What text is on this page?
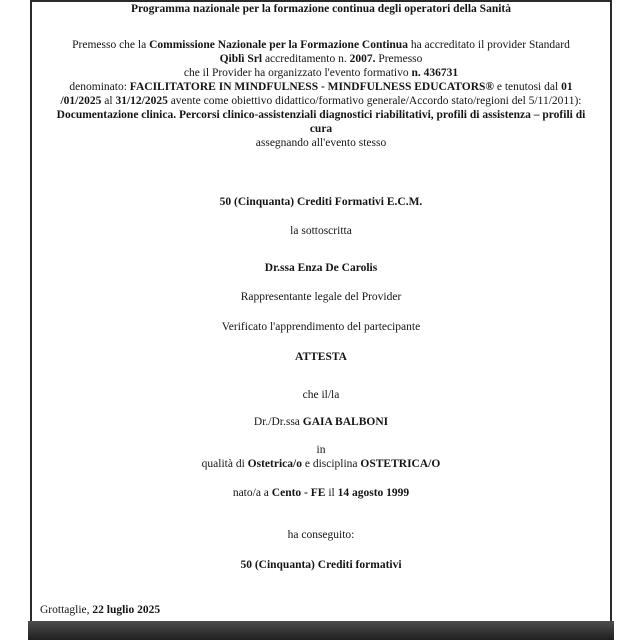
Programma nazionale per la formazione continua degli operatori della Sanità
Premesso che la Commissione Nazionale per la Formazione Continua ha accreditato il provider Standard
Qiblì Srl accreditamento n. 2007. Premesso
che il Provider ha organizzato l'evento formativo n. 436731
denominato: FACILITATORE IN MINDFULNESS - MINDFULNESS EDUCATORS® e tenutosi dal 01
/01/2025 al 31/12/2025 avente come obiettivo didattico/formativo generale/Accordo stato/regioni del 5/11/2011):
Documentazione clinica. Percorsi clinico-assistenziali diagnostici riabilitativi, profili di assistenza – profili di
cura
assegnando all'evento stesso
50 (Cinquanta) Crediti Formativi E.C.M.
la sottoscritta
Dr.ssa Enza De Carolis
Rappresentante legale del Provider
Verificato l'apprendimento del partecipante
ATTESTA
che il/la
Dr./Dr.ssa GAIA BALBONI
in
qualità di Ostetrica/o e disciplina OSTETRICA/O
nato/a a Cento - FE il 14 agosto 1999
ha conseguito:
50 (Cinquanta) Crediti formativi
Grottaglie, 22 luglio 2025
